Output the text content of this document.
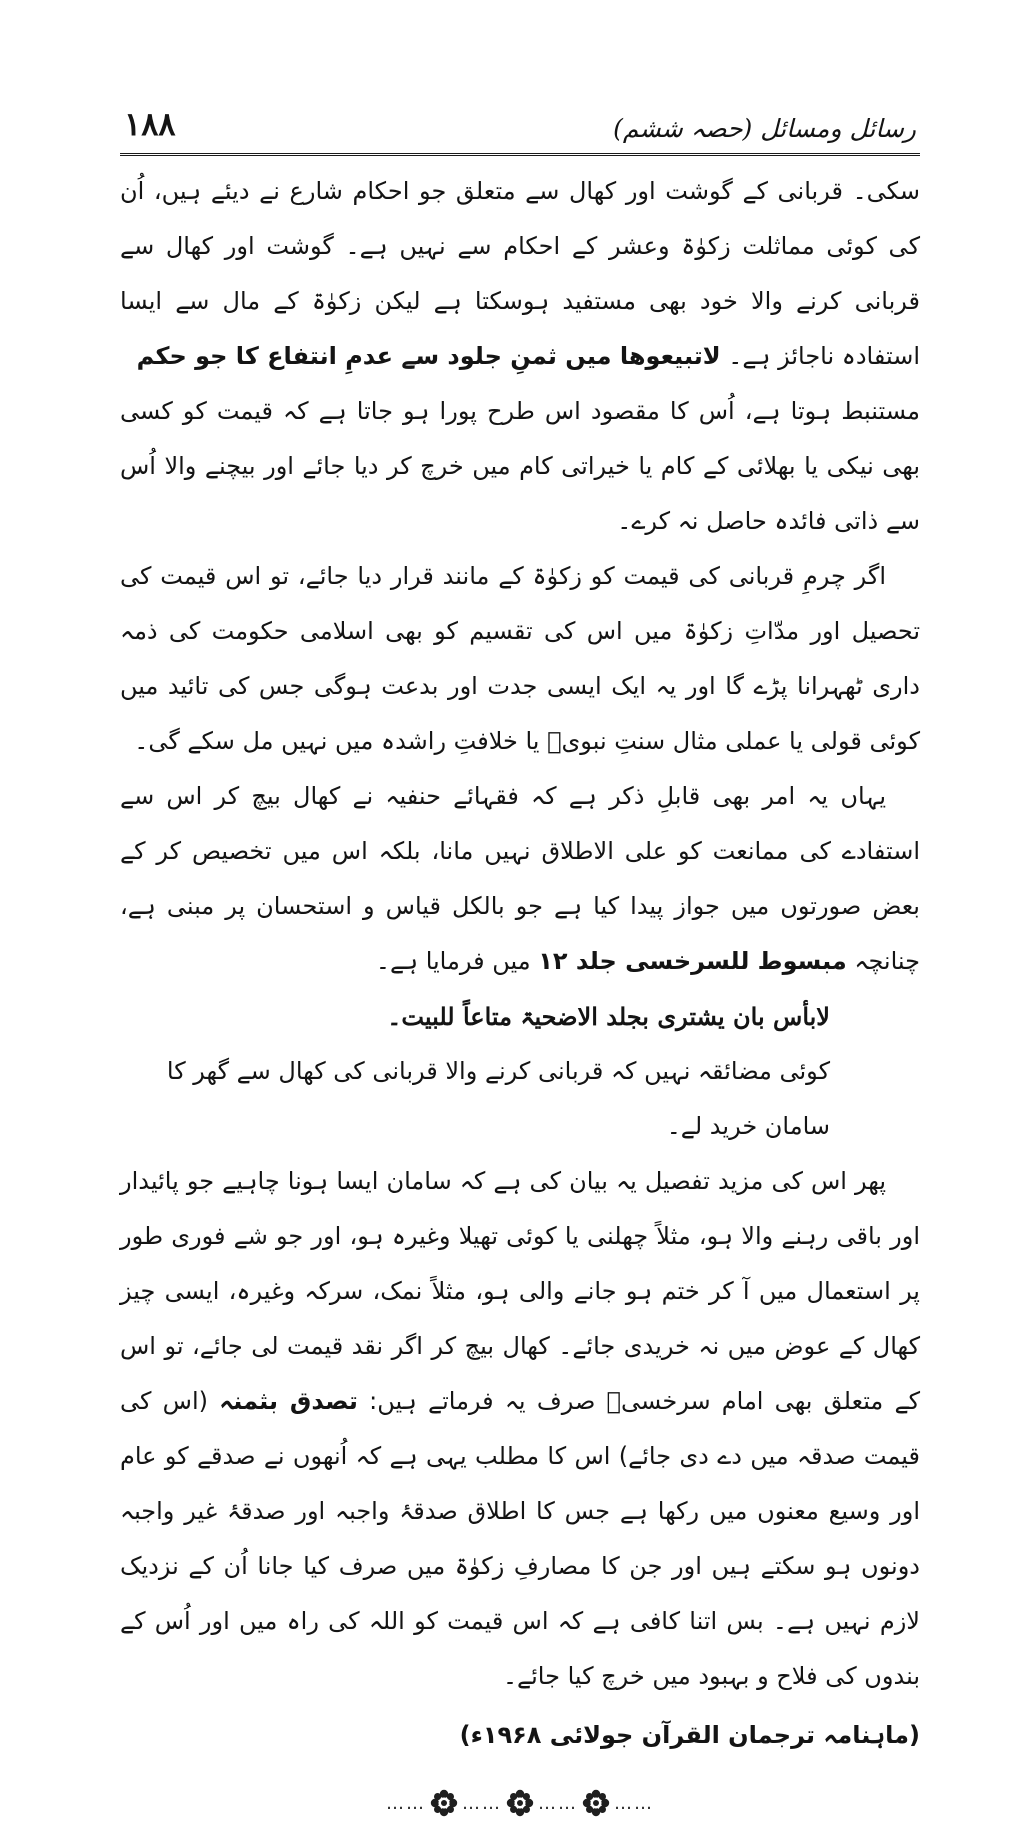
رسائل ومسائل (حصہ ششم)
۱۸۸

سکی۔ قربانی کے گوشت اور کھال سے متعلق جو احکام شارع نے دیئے ہیں، اُن کی کوئی مماثلت زکوٰۃ وعشر کے احکام سے نہیں ہے۔ گوشت اور کھال سے قربانی کرنے والا خود بھی مستفید ہوسکتا ہے لیکن زکوٰۃ کے مال سے ایسا استفادہ ناجائز ہے۔ لاتبیعوھا میں ثمنِ جلود سے عدمِ انتفاع کا جو حکم

مستنبط ہوتا ہے، اُس کا مقصود اس طرح پورا ہو جاتا ہے کہ قیمت کو کسی بھی نیکی یا بھلائی کے کام یا خیراتی کام میں خرچ کر دیا جائے اور بیچنے والا اُس سے ذاتی فائدہ حاصل نہ کرے۔

اگر چرمِ قربانی کی قیمت کو زکوٰۃ کے مانند قرار دیا جائے، تو اس قیمت کی تحصیل اور مدّاتِ زکوٰۃ میں اس کی تقسیم کو بھی اسلامی حکومت کی ذمہ داری ٹھہرانا پڑے گا اور یہ ایک ایسی جدت اور بدعت ہوگی جس کی تائید میں کوئی قولی یا عملی مثال سنتِ نبویؐ یا خلافتِ راشدہ میں نہیں مل سکے گی۔

یہاں یہ امر بھی قابلِ ذکر ہے کہ فقہائے حنفیہ نے کھال بیچ کر اس سے استفادے کی ممانعت کو علی الاطلاق نہیں مانا، بلکہ اس میں تخصیص کر کے بعض صورتوں میں جواز پیدا کیا ہے جو بالکل قیاس و استحسان پر مبنی ہے، چنانچہ مبسوط للسرخسی جلد ۱۲ میں فرمایا ہے۔

لابأس بان یشتری بجلد الاضحیۃ متاعاً للبیت۔

کوئی مضائقہ نہیں کہ قربانی کرنے والا قربانی کی کھال سے گھر کا سامان خرید لے۔

پھر اس کی مزید تفصیل یہ بیان کی ہے کہ سامان ایسا ہونا چاہیے جو پائیدار اور باقی رہنے والا ہو، مثلاً چھلنی یا کوئی تھیلا وغیرہ ہو، اور جو شے فوری طور پر استعمال میں آ کر ختم ہو جانے والی ہو، مثلاً نمک، سرکہ وغیرہ، ایسی چیز کھال کے عوض میں نہ خریدی جائے۔ کھال بیچ کر اگر نقد قیمت لی جائے، تو اس کے متعلق بھی امام سرخسیؒ صرف یہ فرماتے ہیں: تصدق بثمنہ (اس کی قیمت صدقہ میں دے دی جائے) اس کا مطلب یہی ہے کہ اُنھوں نے صدقے کو عام اور وسیع معنوں میں رکھا ہے جس کا اطلاق صدقۂ واجبہ اور صدقۂ غیر واجبہ دونوں ہو سکتے ہیں اور جن کا مصارفِ زکوٰۃ میں صرف کیا جانا اُن کے نزدیک لازم نہیں ہے۔ بس اتنا کافی ہے کہ اس قیمت کو اللہ کی راہ میں اور اُس کے بندوں کی فلاح و بہبود میں خرچ کیا جائے۔

(ماہنامہ ترجمان القرآن جولائی ۱۹۶۸ء)

…… …… …… ……
